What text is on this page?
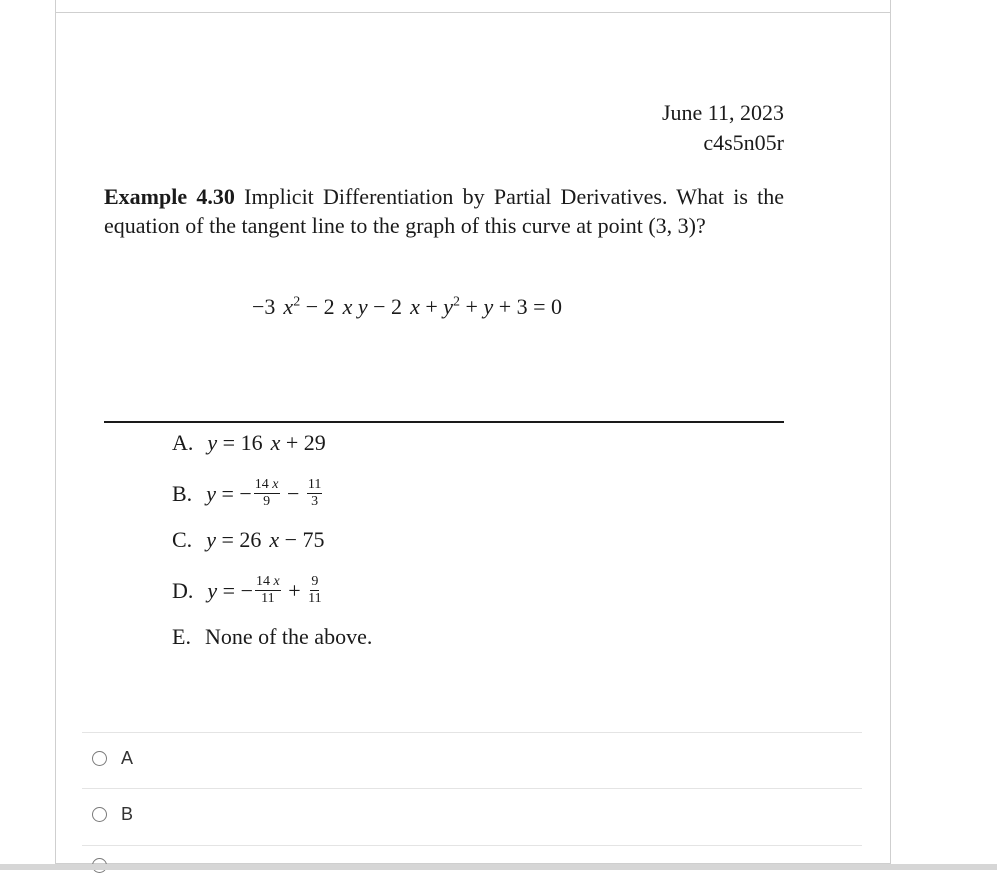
June 11, 2023
c4s5n05r
Example 4.30 Implicit Differentiation by Partial Derivatives. What is the equation of the tangent line to the graph of this curve at point (3, 3)?
−3 $x^2 - 2$ x y − 2 $x + y^2 + y + 3 = 0$
A. y = 16 x + 29
B. y = − $\frac{14 x}{9} - \frac{11}{3}$
C. y = 26 x − 75
D. y = − $\frac{14 x}{11} + \frac{9}{11}$
E. None of the above.
A
B
